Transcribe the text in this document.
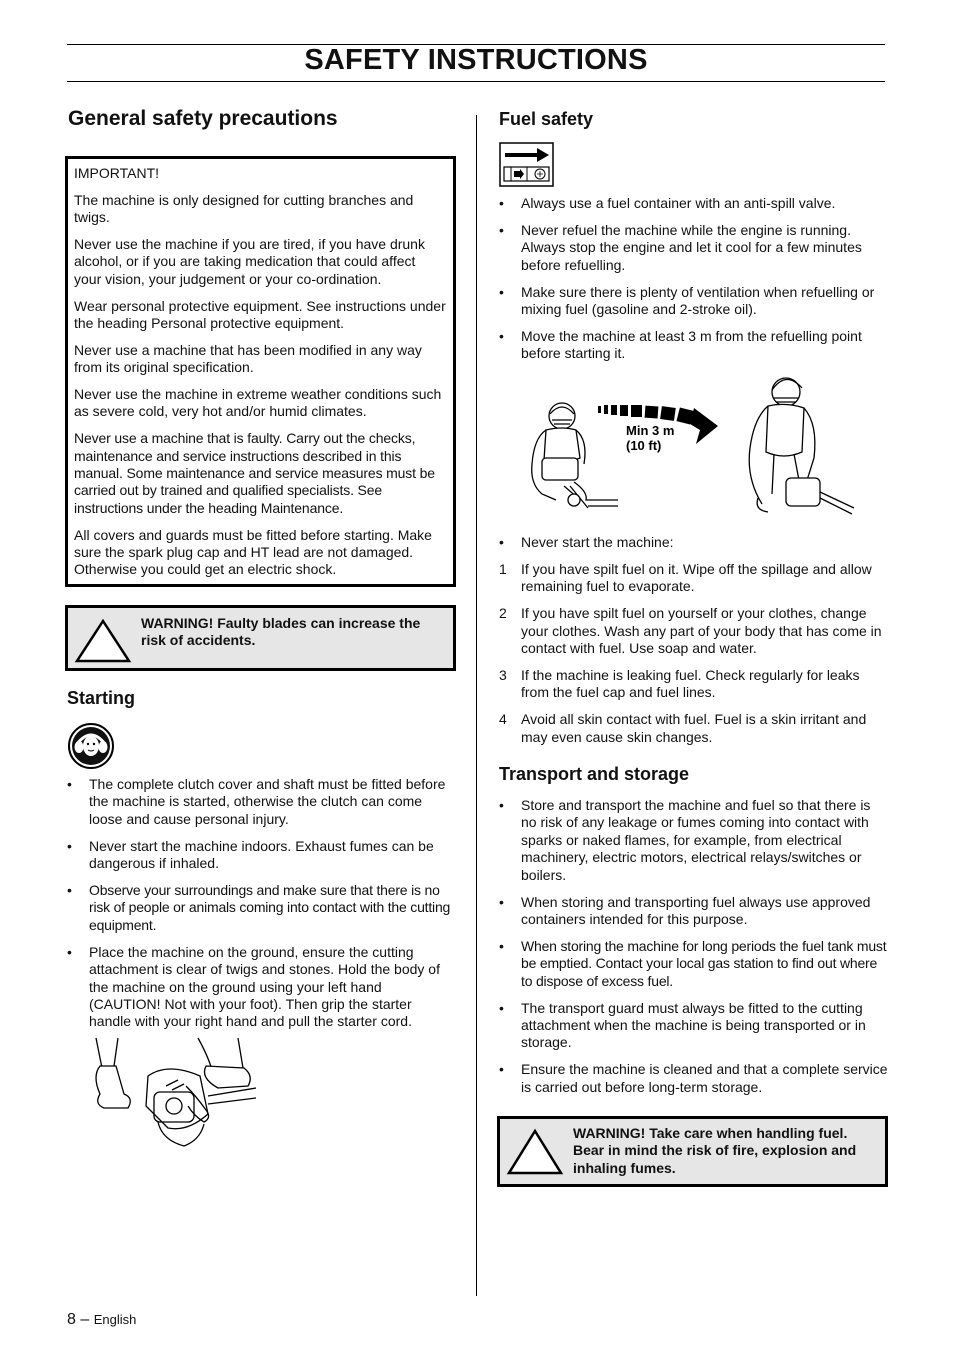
SAFETY INSTRUCTIONS
General safety precautions

IMPORTANT!

The machine is only designed for cutting branches and twigs.

Never use the machine if you are tired, if you have drunk alcohol, or if you are taking medication that could affect your vision, your judgement or your co-ordination.

Wear personal protective equipment. See instructions under the heading Personal protective equipment.

Never use a machine that has been modified in any way from its original specification.

Never use the machine in extreme weather conditions such as severe cold, very hot and/or humid climates.

Never use a machine that is faulty. Carry out the checks, maintenance and service instructions described in this manual. Some maintenance and service measures must be carried out by trained and qualified specialists. See instructions under the heading Maintenance.

All covers and guards must be fitted before starting. Make sure the spark plug cap and HT lead are not damaged. Otherwise you could get an electric shock.

WARNING! Faulty blades can increase the risk of accidents.
Starting
•	The complete clutch cover and shaft must be fitted before the machine is started, otherwise the clutch can come loose and cause personal injury.
•	Never start the machine indoors. Exhaust fumes can be dangerous if inhaled.
•	Observe your surroundings and make sure that there is no risk of people or animals coming into contact with the cutting equipment.
•	Place the machine on the ground, ensure the cutting attachment is clear of twigs and stones. Hold the body of the machine on the ground using your left hand (CAUTION! Not with your foot). Then grip the starter handle with your right hand and pull the starter cord.
Fuel safety
•	Always use a fuel container with an anti-spill valve.
•	Never refuel the machine while the engine is running. Always stop the engine and let it cool for a few minutes before refuelling.
•	Make sure there is plenty of ventilation when refuelling or mixing fuel (gasoline and 2-stroke oil).
•	Move the machine at least 3 m from the refuelling point before starting it.
Min 3 m
(10 ft)
•	Never start the machine:
1	If you have spilt fuel on it. Wipe off the spillage and allow remaining fuel to evaporate.
2	If you have spilt fuel on yourself or your clothes, change your clothes. Wash any part of your body that has come in contact with fuel. Use soap and water.
3	If the machine is leaking fuel. Check regularly for leaks from the fuel cap and fuel lines.
4	Avoid all skin contact with fuel. Fuel is a skin irritant and may even cause skin changes.
Transport and storage
•	Store and transport the machine and fuel so that there is no risk of any leakage or fumes coming into contact with sparks or naked flames, for example, from electrical machinery, electric motors, electrical relays/switches or boilers.
•	When storing and transporting fuel always use approved containers intended for this purpose.
•	When storing the machine for long periods the fuel tank must be emptied. Contact your local gas station to find out where to dispose of excess fuel.
•	The transport guard must always be fitted to the cutting attachment when the machine is being transported or in storage.
•	Ensure the machine is cleaned and that a complete service is carried out before long-term storage.
WARNING! Take care when handling fuel. Bear in mind the risk of fire, explosion and inhaling fumes.
8 – English
